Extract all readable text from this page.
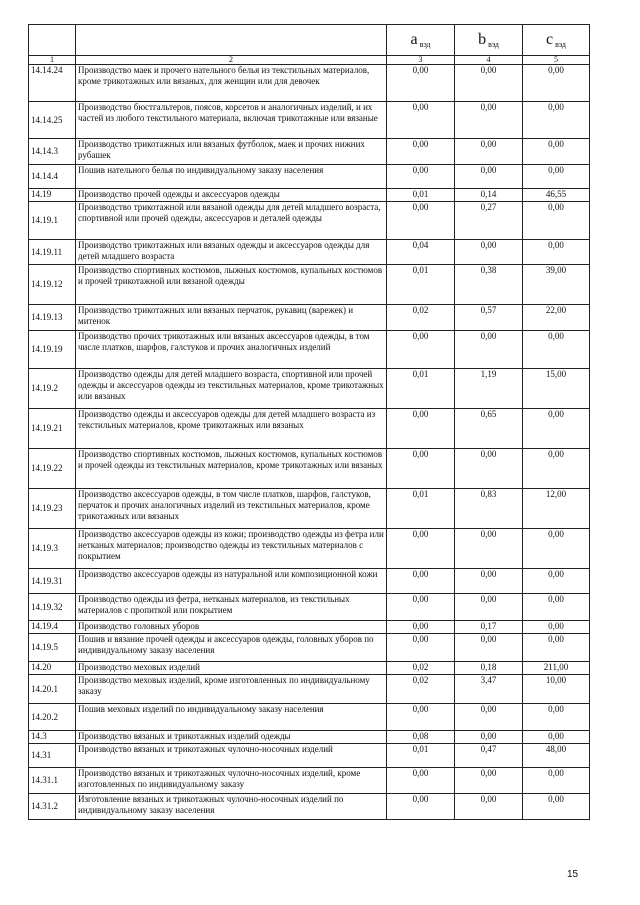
		a $_{вэд}$	b $_{вэд}$	c $_{вэд}$
1	2	3	4	5
14.14.24	Производство маек и прочего нательного белья из текстильных материалов, кроме трикотажных или вязаных, для женщин или для девочек	0,00	0,00	0,00
14.14.25	Производство бюстгальтеров, поясов, корсетов и аналогичных изделий, и их частей из любого текстильного материала, включая трикотажные или вязаные	0,00	0,00	0,00
14.14.3	Производство трикотажных или вязаных футболок, маек и прочих нижних рубашек	0,00	0,00	0,00
14.14.4	Пошив нательного белья по индивидуальному заказу населения	0,00	0,00	0,00
14.19	Производство прочей одежды и аксессуаров одежды	0,01	0,14	46,55
14.19.1	Производство трикотажной или вязаной одежды для детей младшего возраста, спортивной или прочей одежды, аксессуаров и деталей одежды	0,00	0,27	0,00
14.19.11	Производство трикотажных или вязаных одежды и аксессуаров одежды для детей младшего возраста	0,04	0,00	0,00
14.19.12	Производство спортивных костюмов, лыжных костюмов, купальных костюмов и прочей трикотажной или вязаной одежды	0,01	0,38	39,00
14.19.13	Производство трикотажных или вязаных перчаток, рукавиц (варежек) и митенок	0,02	0,57	22,00
14.19.19	Производство прочих трикотажных или вязаных аксессуаров одежды, в том числе платков, шарфов, галстуков и прочих аналогичных изделий	0,00	0,00	0,00
14.19.2	Производство одежды для детей младшего возраста, спортивной или прочей одежды и аксессуаров одежды из текстильных материалов, кроме трикотажных или вязаных	0,01	1,19	15,00
14.19.21	Производство одежды и аксессуаров одежды для детей младшего возраста из текстильных материалов, кроме трикотажных или вязаных	0,00	0,65	0,00
14.19.22	Производство спортивных костюмов, лыжных костюмов, купальных костюмов и прочей одежды из текстильных материалов, кроме трикотажных или вязаных	0,00	0,00	0,00
14.19.23	Производство аксессуаров одежды, в том числе платков, шарфов, галстуков, перчаток и прочих аналогичных изделий из текстильных материалов, кроме трикотажных или вязаных	0,01	0,83	12,00
14.19.3	Производство аксессуаров одежды из кожи; производство одежды из фетра или нетканых материалов; производство одежды из текстильных материалов с покрытием	0,00	0,00	0,00
14.19.31	Производство аксессуаров одежды из натуральной или композиционной кожи	0,00	0,00	0,00
14.19.32	Производство одежды из фетра, нетканых материалов, из текстильных материалов с пропиткой или покрытием	0,00	0,00	0,00
14.19.4	Производство головных уборов	0,00	0,17	0,00
14.19.5	Пошив и вязание прочей одежды и аксессуаров одежды, головных уборов по индивидуальному заказу населения	0,00	0,00	0,00
14.20	Производство меховых изделий	0,02	0,18	211,00
14.20.1	Производство меховых изделий, кроме изготовленных по индивидуальному заказу	0,02	3,47	10,00
14.20.2	Пошив меховых изделий по индивидуальному заказу населения	0,00	0,00	0,00
14.3	Производство вязаных и трикотажных изделий одежды	0,08	0,00	0,00
14.31	Производство вязаных и трикотажных чулочно-носочных изделий	0,01	0,47	48,00
14.31.1	Производство вязаных и трикотажных чулочно-носочных изделий, кроме изготовленных по индивидуальному заказу	0,00	0,00	0,00
14.31.2	Изготовление вязаных и трикотажных чулочно-носочных изделий по индивидуальному заказу населения	0,00	0,00	0,00
15
